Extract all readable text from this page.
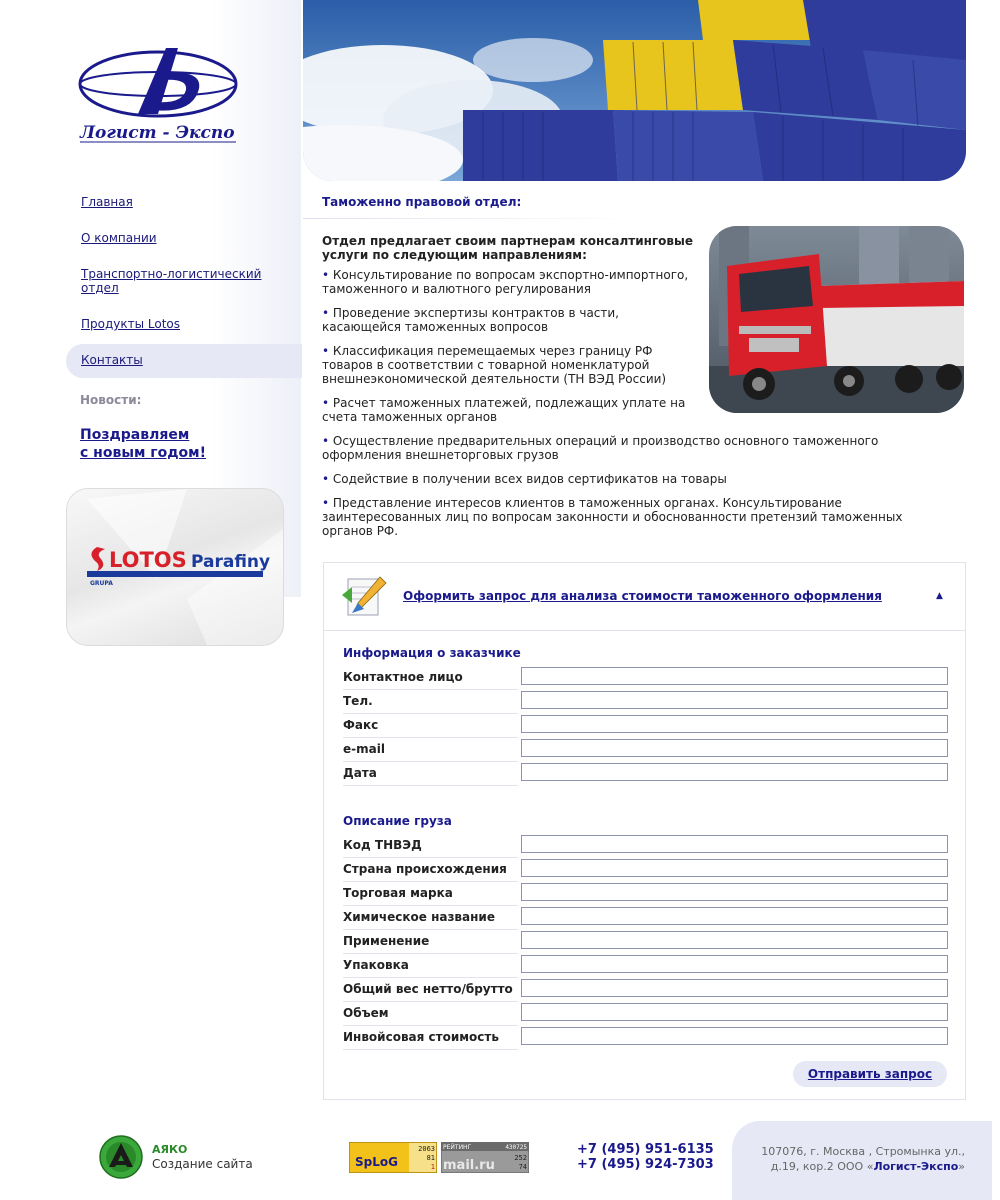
Логист - Экспо
Главная
О компании
Транспортно-логистический отдел
Продукты Lotos
Контакты
Новости:
Поздравляем
с новым годом!
LOTOS Parafiny
GRUPA
Таможенно правовой отдел:
Отдел предлагает своим партнерам консалтинговые услуги по следующим направлениям:
• Консультирование по вопросам экспортно-импортного, таможенного и валютного регулирования
• Проведение экспертизы контрактов в части, касающейся таможенных вопросов
• Классификация перемещаемых через границу РФ товаров в соответствии с товарной номенклатурой внешнеэкономической деятельности (ТН ВЭД России)
• Расчет таможенных платежей, подлежащих уплате на счета таможенных органов
• Осуществление предварительных операций и производство основного таможенного оформления внешнеторговых грузов
• Содействие в получении всех видов сертификатов на товары
• Представление интересов клиентов в таможенных органах. Консультирование заинтересованных лиц по вопросам законности и обоснованности претензий таможенных органов РФ.
Оформить запрос для анализа стоимости таможенного оформления	▲
Информация о заказчике
Контактное лицо
Тел.
Факс
e-mail
Дата
Описание груза
Код ТНВЭД
Страна происхождения
Торговая марка
Химическое название
Применение
Упаковка
Общий вес нетто/брутто
Объем
Инвойсовая стоимость
Отправить запрос
АЯКО
Создание сайта	SpLoG
2063
81
1
РЕЙТИНГ	430725
mail.ru	252
74
+7 (495) 951-6135
+7 (495) 924-7303
107076, г. Москва , Стромынка ул.,
д.19, кор.2 ООО «Логист-Экспо»
